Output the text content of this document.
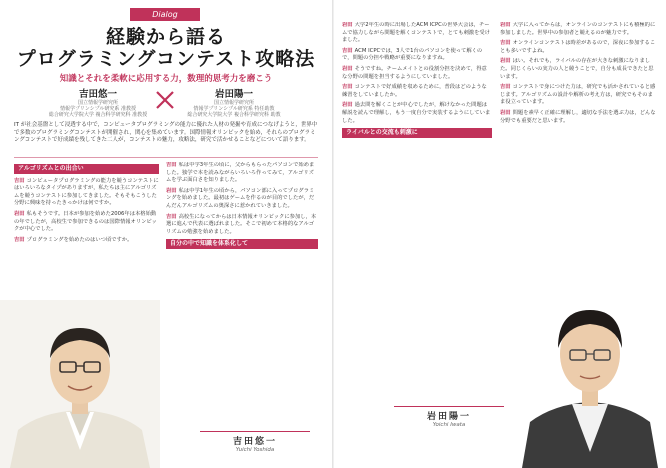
Dialog
経験から語る
プログラミングコンテスト攻略法
知識とそれを柔軟に応用する力，数理的思考力を磨こう
吉田悠一
国立情報学研究所
情報学プリンシプル研究系 准教授
総合研究大学院大学 複合科学研究科 准教授
岩田陽一
国立情報学研究所
情報学プリンシプル研究系 特任助教
総合研究大学院大学 複合科学研究科 助教
IT が社会基盤として浸透する中で，コンピュータプログラミングの能力に優れた人材の発掘や育成につなげようと，世界中で多数のプログラミングコンテストが開催され，関心を集めています。国際情報オリンピックを始め，それらのプログラミングコンテストで好成績を残してきた二人が，コンテストの魅力，攻略法，研究で活かせることなどについて語ります。
アルゴリズムとの出合い

吉田 コンピュータプログラミングの能力を競うコンテストにはいろいろなタイプがありますが，私たちは主にアルゴリズムを競うコンテストに参加してきました。そもそもこうした分野に興味を持ったきっかけは何ですか。

岩田 私もそうです。日本が参加を始めた2006年は本格始動の年でしたが，高校生で参加できるのは国際情報オリンピックが中心でした。

吉田 プログラミングを始めたのはいつ頃ですか。

吉田 私は中学3年生の頃に，父からもらったパソコンで始めました。独学で本を読みながらいろいろ作ってみて，アルゴリズムを学ぶ面白さを知りました。

岩田 私は中学1年生の頃から，パソコン部に入ってプログラミングを始めました。最初はゲームを作るのが目的でしたが，だんだんアルゴリズムの奥深さに惹かれていきました。

吉田 高校生になってからは日本情報オリンピックに参加し，本選に進んで代表に選ばれました。そこで初めて本格的なアルゴリズムの勉強を始めました。

自分の中で知識を体系化して
吉田悠一
Yuichi Yoshida

岩田 大学2年生の時に出場したACM ICPCの世界大会は，チームで協力しながら問題を解くコンテストで，とても刺激を受けました。

吉田 ACM ICPCでは，3人で1台のパソコンを使って解くので，問題の分担や戦略が重要になりますね。

岩田 そうですね。チームメイトとの役割分担を決めて，得意な分野の問題を担当するようにしていました。

吉田 コンテストで好成績を収めるために，普段はどのような練習をしていましたか。

岩田 過去問を解くことが中心でしたが，解けなかった問題は解説を読んで理解し，もう一度自分で実装するようにしていました。

ライバルとの交流も刺激に

岩田 大学に入ってからは，オンラインのコンテストにも積極的に参加しました。世界中の参加者と競えるのが魅力です。

吉田 オンラインコンテストは時差があるので，深夜に参加することも多いですよね。

岩田 はい。それでも，ライバルの存在が大きな刺激になりました。同じくらいの実力の人と競うことで，自分も成長できたと思います。

吉田 コンテストで身につけた力は，研究でも活かされていると感じます。アルゴリズムの設計や解析の考え方は，研究でもそのまま役立っています。

岩田 問題を素早く正確に理解し，適切な手法を選ぶ力は，どんな分野でも重要だと思います。

岩田陽一
Yoichi Iwata
